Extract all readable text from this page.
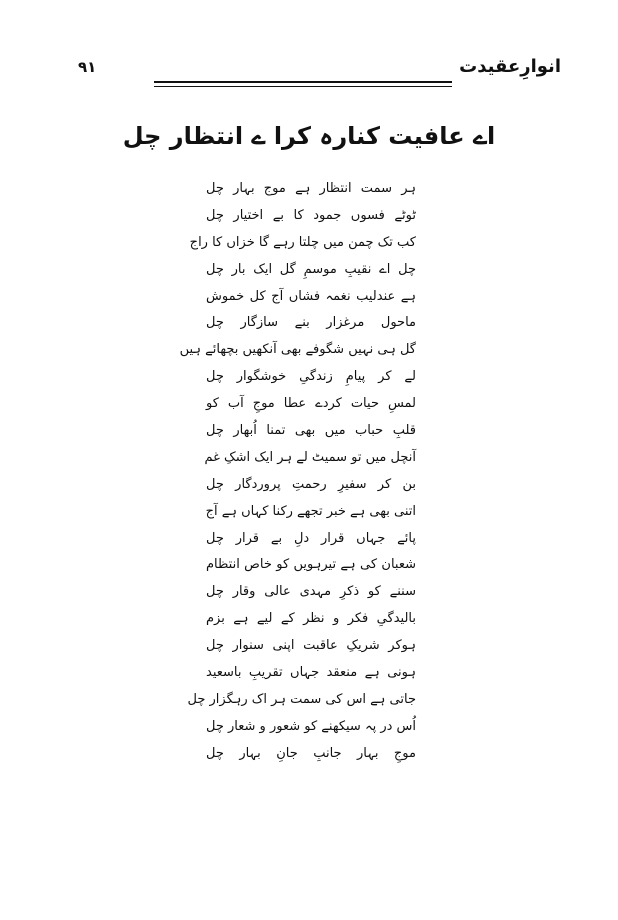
انوارِعقیدت
۹۱
اے عافیت کنارہ کرا ے انتظار چل
ہر سمت انتظار ہے موج بہار چل
ٹوٹے فسوں جمود کا بے اختیار چل
کب تک چمن میں چلتا رہے گا خزاں کا راج
چل اے نقیبِ موسمِ گل ایک بار چل
ہے عندلیب نغمہ فشاں آج کل خموش
ماحول مرغزار بنے سازگار چل
گل ہی نہیں شگوفے بھی آنکھیں بچھائے ہیں
لے کر پیامِ زندگیِ خوشگوار چل
لمسِ حیات کردے عطا موجِ آب کو
قلبِ حباب میں بھی تمنا اُبھار چل
آنچل میں تو سمیٹ لے ہر ایک اشکِ غم
بن کر سفیرِ رحمتِ پروردگار چل
اتنی بھی ہے خبر تجھے رکنا کہاں ہے آج
پائے جہاں قرار دلِ بے قرار چل
شعبان کی ہے تیرہویں کو خاص انتظام
سننے کو ذکرِ مہدی عالی وقار چل
بالیدگیِ فکر و نظر کے لیے ہے بزم
ہوکر شریکِ عاقبت اپنی سنوار چل
ہونی ہے منعقد جہاں تقریبِ باسعید
جاتی ہے اس کی سمت ہر اک رہگزار چل
اُس در پہ سیکھنے کو شعور و شعار چل
موجِ بہار جانبِ جانِ بہار چل
